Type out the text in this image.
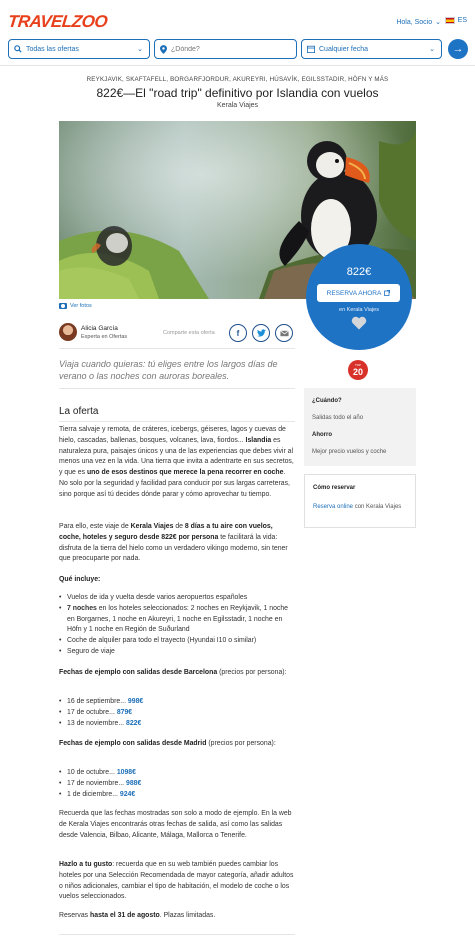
TRAVELZOO	Hola, Socio ⌄ ES
Todas las ofertas	⌄
¿Dónde?	Cualquier fecha	⌄ →
REYKJAVIK, SKAFTAFELL, BORGARFJORDUR, AKUREYRI, HÚSAVÍK, EGILSSTADIR, HÖFN Y MÁS
822€—El "road trip" definitivo por Islandia con vuelos
Kerala Viajes
822€
RESERVA AHORA
en Kerala Viajes
Ver fotos
Alicia García
Experta en Ofertas
Comparte esta oferta	f
Viaja cuando quieras: tú eliges entre los largos días de verano o las noches con auroras boreales.
TOP
20
¿Cuándo?
Salidas todo el año
Ahorro
Mejor precio vuelos y coche
Cómo reservar
Reserva online con Kerala Viajes
La oferta
Tierra salvaje y remota, de cráteres, icebergs, géiseres, lagos y cuevas de hielo, cascadas, ballenas, bosques, volcanes, lava, fiordos... Islandia es naturaleza pura, paisajes únicos y una de las experiencias que debes vivir al menos una vez en la vida. Una tierra que invita a adentrarte en sus secretos, y que es uno de esos destinos que merece la pena recorrer en coche. No solo por la seguridad y facilidad para conducir por sus largas carreteras, sino porque así tú decides dónde parar y cómo aprovechar tu tiempo.
Para ello, este viaje de Kerala Viajes de 8 días a tu aire con vuelos, coche, hoteles y seguro desde 822€ por persona te facilitará la vida: disfruta de la tierra del hielo como un verdadero vikingo moderno, sin tener que preocuparte por nada.
Qué incluye:
• Vuelos de ida y vuelta desde varios aeropuertos españoles
• 7 noches en los hoteles seleccionados: 2 noches en Reykjavik, 1 noche en Borgarnes, 1 noche en Akureyri, 1 noche en Egilsstadir, 1 noche en Höfn y 1 noche en Región de Suðurland
• Coche de alquiler para todo el trayecto (Hyundai I10 o similar)
• Seguro de viaje
Fechas de ejemplo con salidas desde Barcelona (precios por persona):
• 16 de septiembre... 998€
• 17 de octubre... 879€
• 13 de noviembre... 822€
Fechas de ejemplo con salidas desde Madrid (precios por persona):
• 10 de octubre... 1098€
• 17 de noviembre... 988€
• 1 de diciembre... 924€
Recuerda que las fechas mostradas son solo a modo de ejemplo. En la web de Kerala Viajes encontrarás otras fechas de salida, así como las salidas desde Valencia, Bilbao, Alicante, Málaga, Mallorca o Tenerife.
Hazlo a tu gusto: recuerda que en su web también puedes cambiar los hoteles por una Selección Recomendada de mayor categoría, añadir adultos o niños adicionales, cambiar el tipo de habitación, el modelo de coche o los vuelos seleccionados.
Reservas hasta el 31 de agosto. Plazas limitadas.
